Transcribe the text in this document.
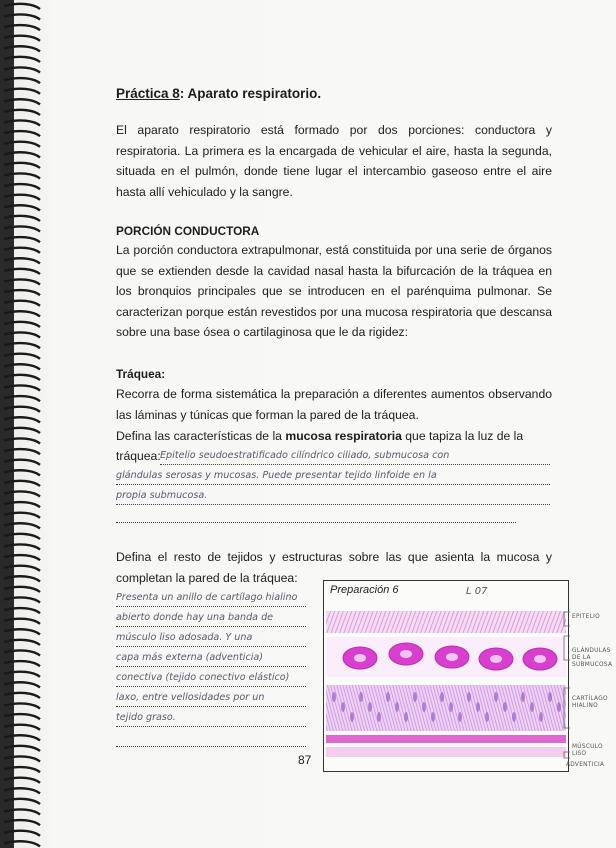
Práctica 8: Aparato respiratorio.

El aparato respiratorio está formado por dos porciones: conductora y respiratoria. La primera es la encargada de vehicular el aire, hasta la segunda, situada en el pulmón, donde tiene lugar el intercambio gaseoso entre el aire hasta allí vehiculado y la sangre.

PORCIÓN CONDUCTORA

La porción conductora extrapulmonar, está constituida por una serie de órganos que se extienden desde la cavidad nasal hasta la bifurcación de la tráquea en los bronquios principales que se introducen en el parénquima pulmonar. Se caracterizan porque están revestidos por una mucosa respiratoria que descansa sobre una base ósea o cartilaginosa que le da rigidez:

Tráquea:

Recorra de forma sistemática la preparación a diferentes aumentos observando las láminas y túnicas que forman la pared de la tráquea.

Defina las características de la mucosa respiratoria que tapiza la luz de la

tráquea: Epitelio seudoestratificado cilíndrico ciliado, submucosa con
glándulas serosas y mucosas. Puede presentar tejido linfoide en la
propia submucosa.

Defina el resto de tejidos y estructuras sobre las que asienta la mucosa y completan la pared de la tráquea:

Presenta un anillo de cartílago hialino
abierto donde hay una banda de
músculo liso adosada. Y una
capa más externa (adventicia)
conectiva (tejido conectivo elástico)
laxo, entre vellosidades por un
tejido graso.
Preparación 6	L 07
EPITELIO
GLÁNDULAS DE LA SUBMUCOSA
CARTÍLAGO HIALINO
MÚSCULO LISO
ADVENTICIA
87
